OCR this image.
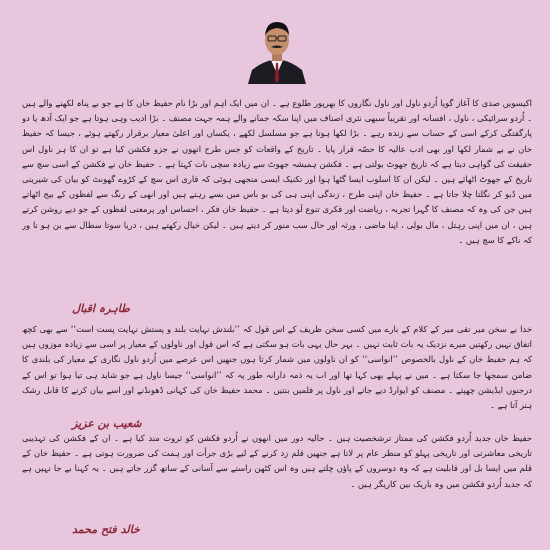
اکیسویں صدی کا آغاز گویا اُردو ناول اور ناول نگاروں کا بھرپور طلوع ہے ۔ ان میں ایک اہم اور بڑا نام حفیظ خان کا ہے جو بے پناہ لکھنے والے ہیں ۔ اُردو سرائیکی ، ناول ، افسانہ اور تقریباً سبھی نثری اصناف میں اپنا سکہ جمانے والے ہمہ جہت مصنف ۔ بڑا ادیب وہی ہوتا ہے جو ایک آدھ یا دو پارگفتگی کرکے اسی کے حساب سے زندہ رہے ۔ بڑا لکھا ہوتا ہے جو مسلسل لکھے ، یکساں اور اعلیٰ معیار برقرار رکھتے ہوئے ، جیسا کہ حفیظ خان نے بے شمار لکھا اور بھی ادب عالیہ کا حصّہ قرار پایا ۔ تاریخ کے واقعات کو جس طرح انھوں نے جزو فکشن کیا ہے تو ان کا ہر ناول اس حقیقت کی گواہی دیتا ہے کہ تاریخ جھوٹ بولتی ہے ۔ فکشن ہمیشہ جھوٹ سے زیادہ سچی بات کہتا ہے ۔ حفیظ خان نے فکشن کے اسی سچ سے تاریخ کے جھوٹ اٹھائے ہیں ۔ لیکن ان کا اسلوب ایسا گٹھا ہوا اور تکنیک ایسی منجھی ہوئی کہ قاری اس سچ کے کڑوے گھونٹ کو بیان کی شیرینی میں ڈبو کر نگلتا چلا جاتا ہے ۔ حفیظ خان اپنی طرح ، زندگی اپنی ہی کی بو باس میں بسے رہتے ہیں اور انھی کے رنگ سے لفظوں کے بیج اٹھاتے ہیں جن کی وہ کہ مصنف کا گہرا تجربہ ، ریاضت اور فکری تنوع لَو دیتا ہے ۔ حفیظ خان فکر ، احساس اور پرمعنی لفظوں کے جو دیے روشن کرتے ہیں ، ان میں اپنی رہتل ، مال بولی ، اپنا ماضی ، ورثہ اور حال سب منور کر دیتے ہیں ۔ لیکن خیال رکھتے ہیں ، دریا سوتا سطال سے بن ہو نا ور کہ ناکے کا سچ ہیں ۔

طاہرہ اقبال

خدا بے سخن میر تقی میر کے کلام کے بارے میں کسی سخن ظریف کے اس قول کہ ’’بلندش نہایت بلند و پستش نہایت پست است‘‘ سے بھی کچھ اتفاق نہیں رکھتیں میرے نزدیک یہ بات ثابت نہیں ۔ بہر حال یہی بات ہو سکتی ہے کہ اس قول اور ناولوں کے معیار پر اسی سے زیادہ موزوں ہیں کہ ہم حفیظ خان کے ناول بالخصوص ’’انواسی‘‘ کو ان ناولوں میں شمار کرتا ہوں جنھیں اس عرصے میں اُردو ناول نگاری کے معیار کی بلندی کا ضامن سمجھا جا سکتا ہے ۔ میں نے پہلے بھی کہا تھا اور اب یہ ذمہ دارانہ طور پہ کہ ’’انواسی‘‘ جیسا ناول ہے جو شاید ہی تیا ہوا تو اس کے درجنوں ایڈیشن چھپتے ۔ مصنف کو ایوارڈ دیے جاتے اور ناول پر فلمیں بنتیں ۔ محمد حفیظ خان کی کہانی ڈھونڈنے اور اسے بیان کرنے کا قابل رشک ہنر آتا ہے ۔

شعیب بن عزیز

حفیظ خان جدید اُردو فکشن کی ممتاز ترشخصیت ہیں ۔ حالیہ دور میں انھوں نے اُردو فکشن کو ثروت مند کیا ہے ۔ ان کے فکشن کی تہذیبی تاریخی معاشرتی اور تاریخی پہلو کو منظر عام پر لاتا ہے جنھیں قلم زد کرنے کے لیے بڑی جرأت اور ہمت کی ضرورت ہوتی ہے ۔ حفیظ خان کے قلم میں ایسا بل اور قابلیت ہے کہ وہ دوسروں کے پاؤں چلتے ہیں وہ اس کٹھن راستے سے آسانی کے ساتھ گزر جاتے ہیں ۔ یہ کہنا بے جا نہیں ہے کہ جدید اُردو فکشن میں وہ باریک بین کاریگر ہیں ۔

خالد فتح محمد
